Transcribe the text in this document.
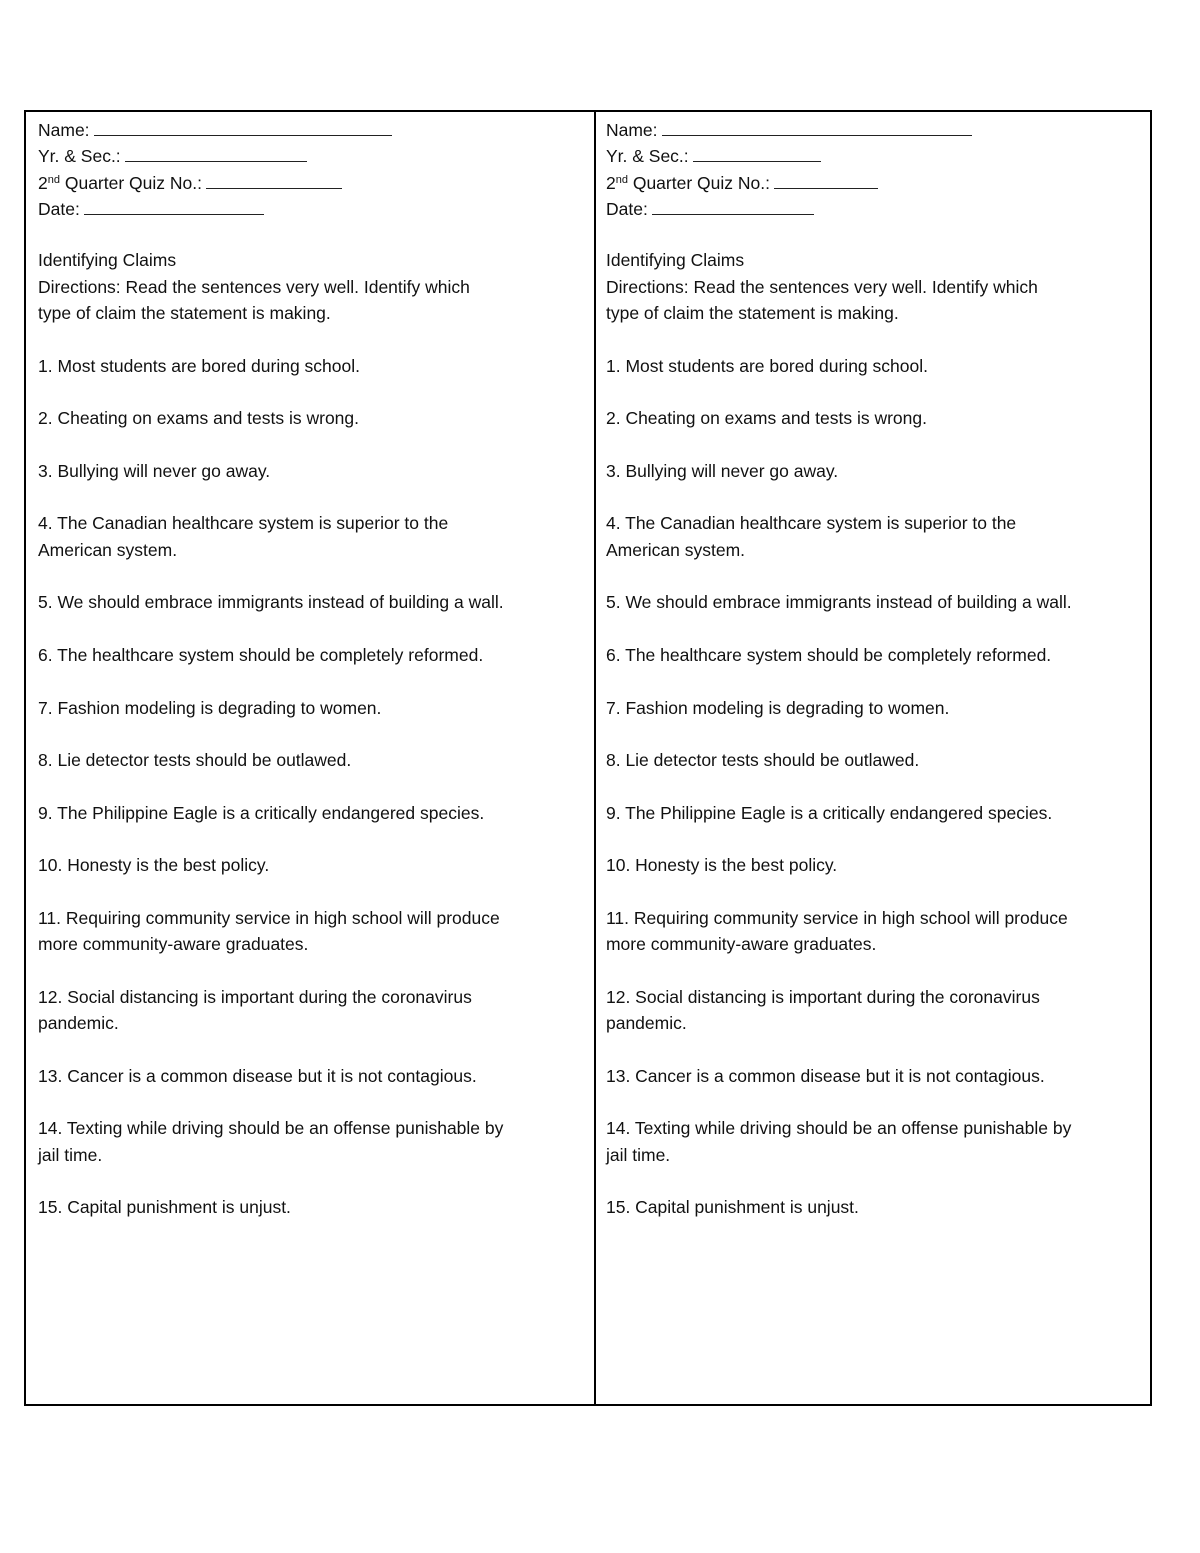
Name:
Yr. & Sec.:
2nd Quarter Quiz No.:
Date:
Identifying Claims
Directions: Read the sentences very well. Identify which
type of claim the statement is making.
1. Most students are bored during school.
2. Cheating on exams and tests is wrong.
3. Bullying will never go away.
4. The Canadian healthcare system is superior to the
American system.
5. We should embrace immigrants instead of building a wall.
6. The healthcare system should be completely reformed.
7. Fashion modeling is degrading to women.
8. Lie detector tests should be outlawed.
9. The Philippine Eagle is a critically endangered species.
10. Honesty is the best policy.
11. Requiring community service in high school will produce
more community-aware graduates.
12. Social distancing is important during the coronavirus
pandemic.
13. Cancer is a common disease but it is not contagious.
14. Texting while driving should be an offense punishable by
jail time.
15. Capital punishment is unjust.
Name:
Yr. & Sec.:
2nd Quarter Quiz No.:
Date:
Identifying Claims
Directions: Read the sentences very well. Identify which
type of claim the statement is making.
1. Most students are bored during school.
2. Cheating on exams and tests is wrong.
3. Bullying will never go away.
4. The Canadian healthcare system is superior to the
American system.
5. We should embrace immigrants instead of building a wall.
6. The healthcare system should be completely reformed.
7. Fashion modeling is degrading to women.
8. Lie detector tests should be outlawed.
9. The Philippine Eagle is a critically endangered species.
10. Honesty is the best policy.
11. Requiring community service in high school will produce
more community-aware graduates.
12. Social distancing is important during the coronavirus
pandemic.
13. Cancer is a common disease but it is not contagious.
14. Texting while driving should be an offense punishable by
jail time.
15. Capital punishment is unjust.
